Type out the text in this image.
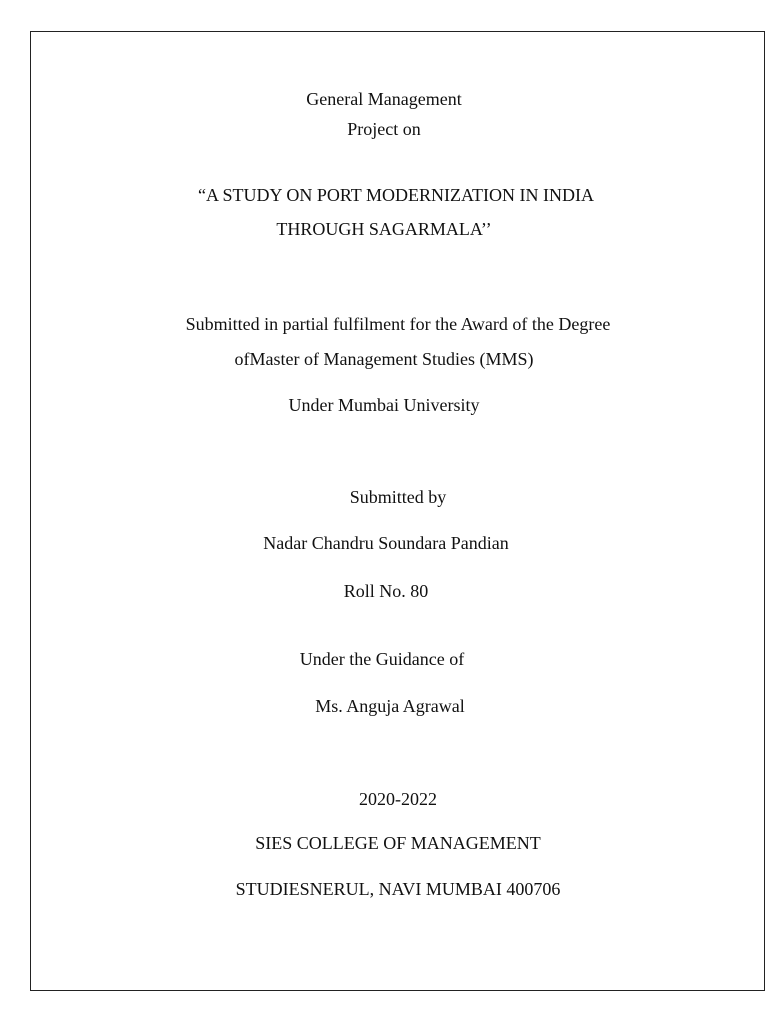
General Management
Project on
“A STUDY ON PORT MODERNIZATION IN INDIA
THROUGH SAGARMALA’’
Submitted in partial fulfilment for the Award of the Degree
ofMaster of Management Studies (MMS)
Under Mumbai University
Submitted by
Nadar Chandru Soundara Pandian
Roll No. 80
Under the Guidance of
Ms. Anguja Agrawal
2020-2022
SIES COLLEGE OF MANAGEMENT
STUDIESNERUL, NAVI MUMBAI 400706
